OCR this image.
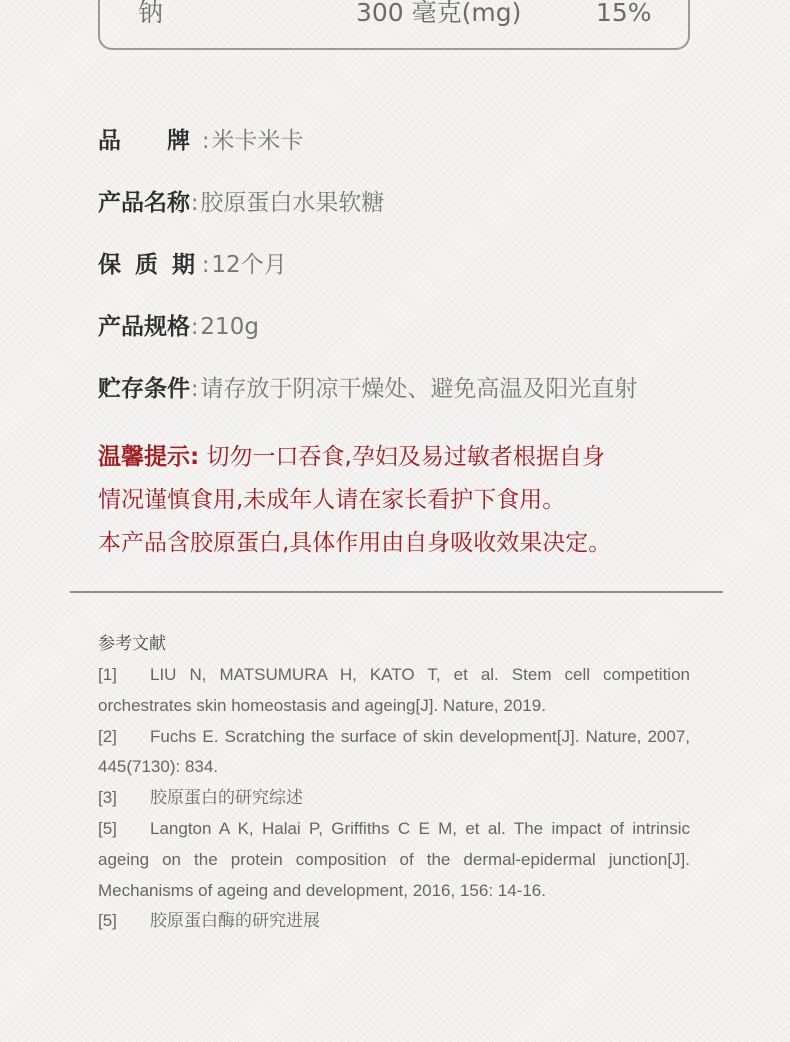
钠	300 毫克(mg)	15%
品　　牌 :米卡米卡
产品名称:胶原蛋白水果软糖
保 质 期 :12个月
产品规格:210g
贮存条件:请存放于阴凉干燥处、避免高温及阳光直射
温馨提示: 切勿一口吞食,孕妇及易过敏者根据自身
情况谨慎食用,未成年人请在家长看护下食用。
本产品含胶原蛋白,具体作用由自身吸收效果决定。
参考文献

[1] LIU N, MATSUMURA H, KATO T, et al. Stem cell competition orchestrates skin homeostasis and ageing[J]. Nature, 2019.

[2] Fuchs E. Scratching the surface of skin development[J]. Nature, 2007, 445(7130): 834.

[3] 胶原蛋白的研究综述

[5] Langton A K, Halai P, Griffiths C E M, et al. The impact of intrinsic ageing on the protein composition of the dermal-epidermal junction[J]. Mechanisms of ageing and development, 2016, 156: 14-16.

[5] 胶原蛋白酶的研究进展
